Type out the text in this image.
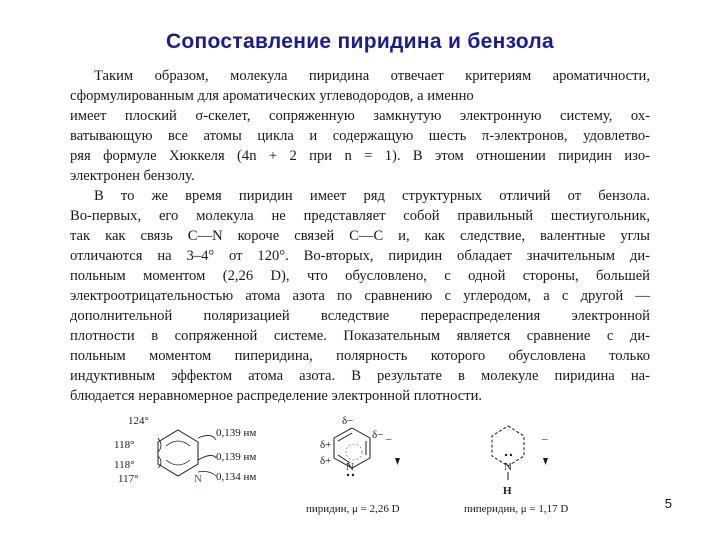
Сопоставление пиридина и бензола
Таким образом, молекула пиридина отвечает критериям ароматичности,
сформулированным для ароматических углеводородов, а именно
имеет плоский σ-скелет, сопряженную замкнутую электронную систему, ох-
ватывающую все атомы цикла и содержащую шесть π-электронов, удовлетво-
ряя формуле Хюккеля (4n + 2 при n = 1). В этом отношении пиридин изо-
электронен бензолу.
В то же время пиридин имеет ряд структурных отличий от бензола.
Во-первых, его молекула не представляет собой правильный шестиугольник,
так как связь C—N короче связей C—C и, как следствие, валентные углы
отличаются на 3–4° от 120°. Во-вторых, пиридин обладает значительным ди-
польным моментом (2,26 D), что обусловлено, с одной стороны, большей
электроотрицательностью атома азота по сравнению с углеродом, а с другой —
дополнительной поляризацией вследствие перераспределения электронной
плотности в сопряженной системе. Показательным является сравнение с ди-
польным моментом пиперидина, полярность которого обусловлена только
индуктивным эффектом атома азота. В результате в молекуле пиридина на-
блюдается неравномерное распределение электронной плотности.
124°
118°
118°
117°
0,139 нм
0,139 нм
0,134 нм
N
N
δ−
δ−
δ+
δ+
–
N
H
–
пиридин, μ = 2,26 D	пиперидин, μ = 1,17 D	5
